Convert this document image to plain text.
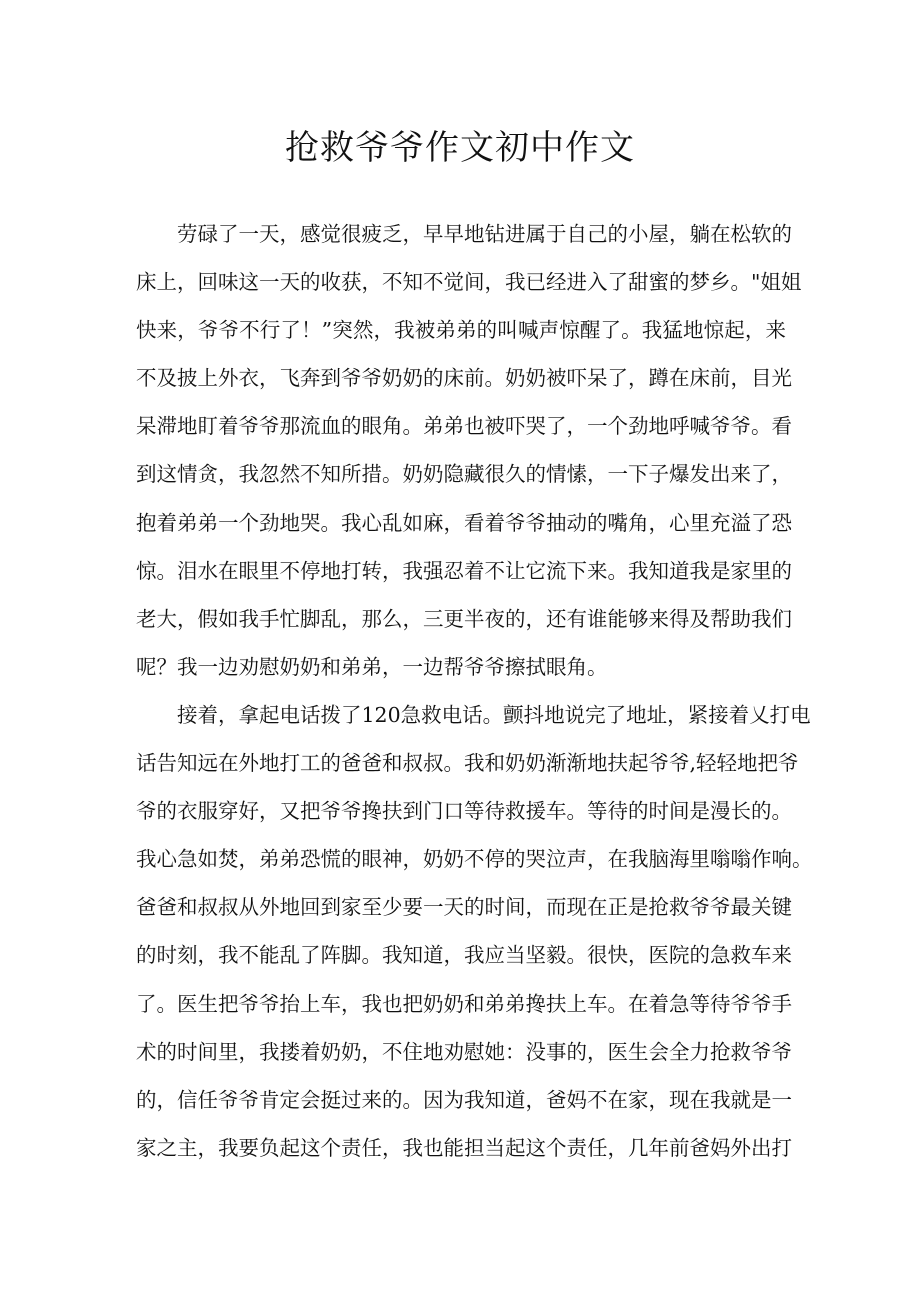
抢救爷爷作文初中作文
劳碌了一天，感觉很疲乏，早早地钻进属于自己的小屋，躺在松软的
床上，回味这一天的收获，不知不觉间，我已经进入了甜蜜的梦乡。"姐姐
快来，爷爷不行了！”突然，我被弟弟的叫喊声惊醒了。我猛地惊起，来
不及披上外衣，飞奔到爷爷奶奶的床前。奶奶被吓呆了，蹲在床前，目光
呆滞地盯着爷爷那流血的眼角。弟弟也被吓哭了，一个劲地呼喊爷爷。看
到这情贪，我忽然不知所措。奶奶隐藏很久的情愫，一下子爆发出来了，
抱着弟弟一个劲地哭。我心乱如麻，看着爷爷抽动的嘴角，心里充溢了恐
惊。泪水在眼里不停地打转，我强忍着不让它流下来。我知道我是家里的
老大，假如我手忙脚乱，那么，三更半夜的，还有谁能够来得及帮助我们
呢？我一边劝慰奶奶和弟弟，一边帮爷爷擦拭眼角。
接着，拿起电话拨了120急救电话。颤抖地说完了地址，紧接着乂打电
话告知远在外地打工的爸爸和叔叔。我和奶奶渐渐地扶起爷爷,轻轻地把爷
爷的衣服穿好，又把爷爷搀扶到门口等待救援车。等待的时间是漫长的。
我心急如焚，弟弟恐慌的眼神，奶奶不停的哭泣声，在我脑海里嗡嗡作响。
爸爸和叔叔从外地回到家至少要一天的时间，而现在正是抢救爷爷最关键
的时刻，我不能乱了阵脚。我知道，我应当坚毅。很快，医院的急救车来
了。医生把爷爷抬上车，我也把奶奶和弟弟搀扶上车。在着急等待爷爷手
术的时间里，我搂着奶奶，不住地劝慰她：没事的，医生会全力抢救爷爷
的，信任爷爷肯定会挺过来的。因为我知道，爸妈不在家，现在我就是一
家之主，我要负起这个责任，我也能担当起这个责任，几年前爸妈外出打
